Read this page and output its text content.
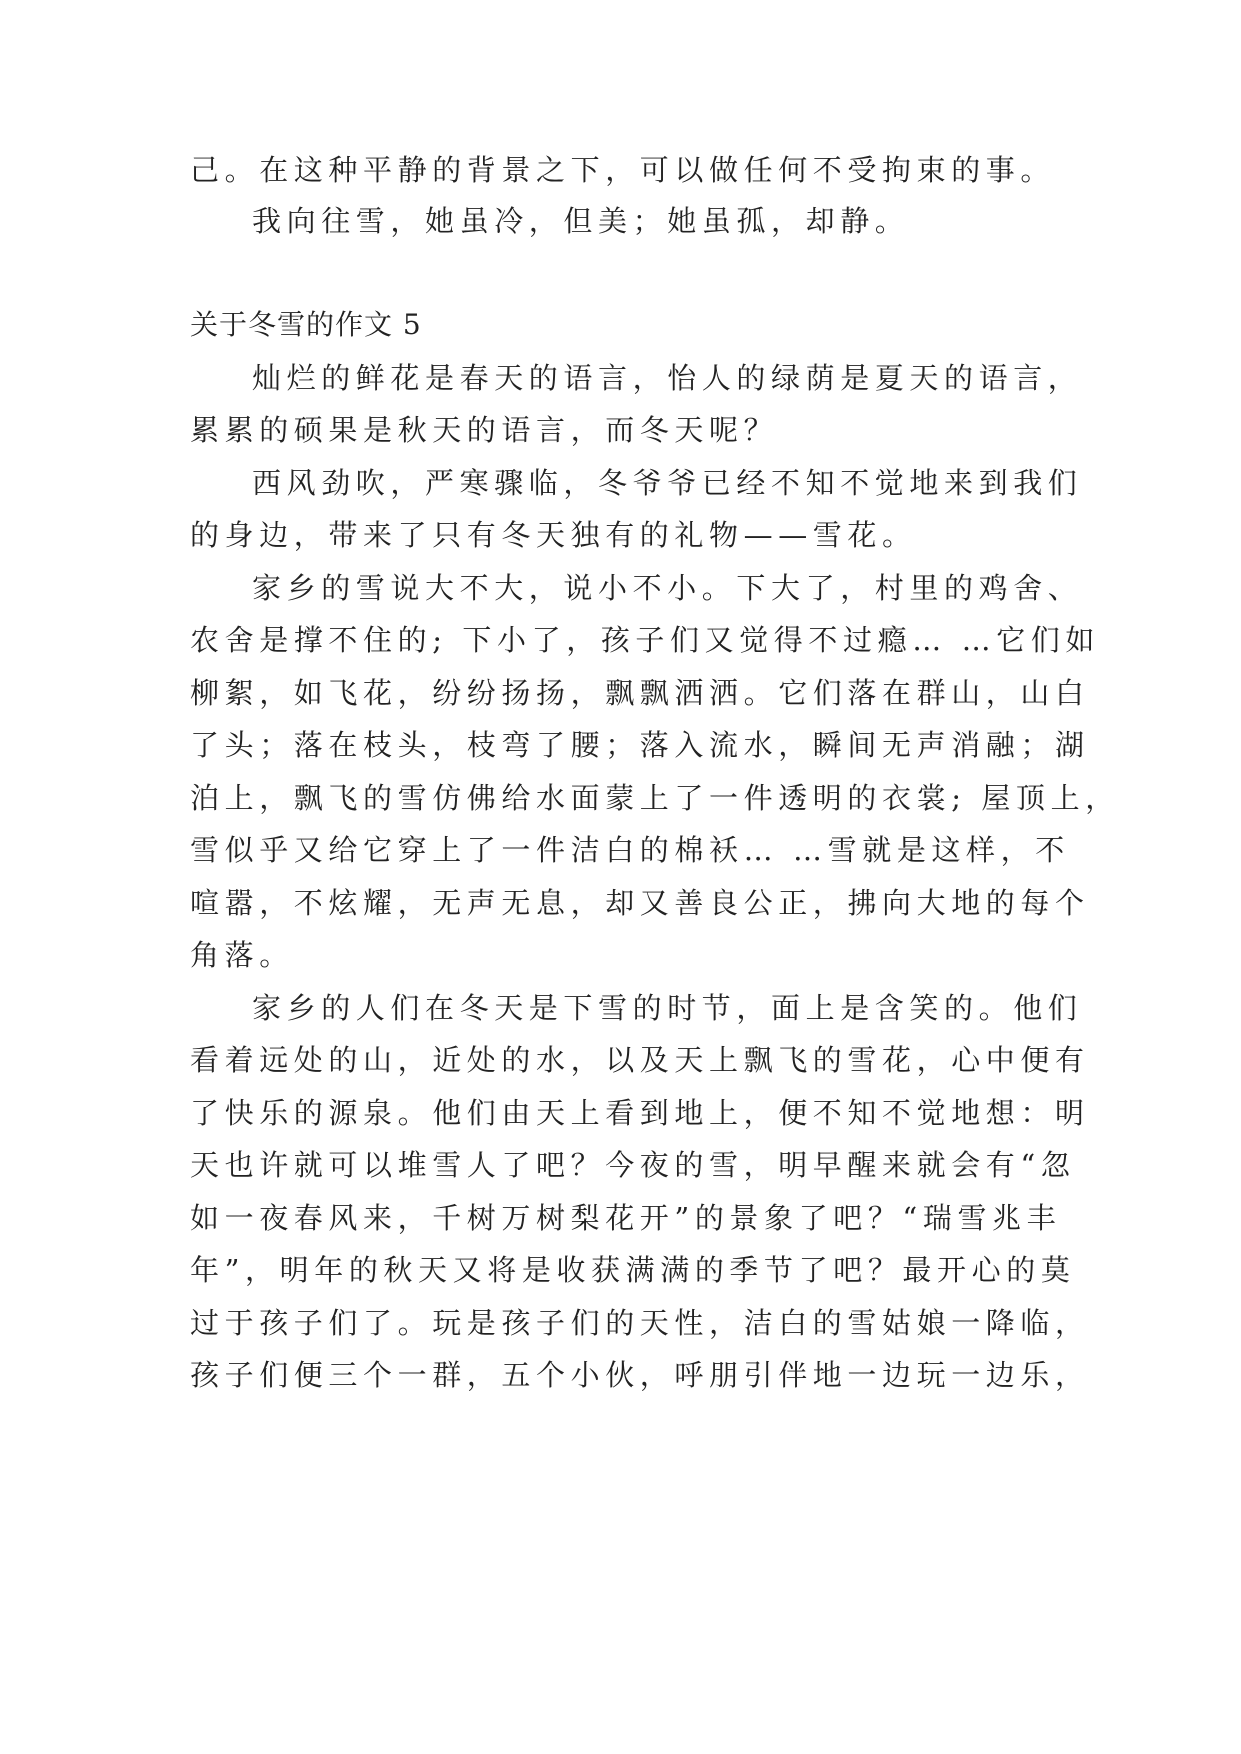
己。在这种平静的背景之下，可以做任何不受拘束的事。
我向往雪，她虽冷，但美；她虽孤，却静。
关于冬雪的作文 5
灿烂的鲜花是春天的语言，怡人的绿荫是夏天的语言，
累累的硕果是秋天的语言，而冬天呢？
西风劲吹，严寒骤临，冬爷爷已经不知不觉地来到我们
的身边，带来了只有冬天独有的礼物——雪花。
家乡的雪说大不大，说小不小。下大了，村里的鸡舍、
农舍是撑不住的; 下小了，孩子们又觉得不过瘾… …它们如
柳絮，如飞花，纷纷扬扬，飘飘洒洒。它们落在群山，山白
了头；落在枝头，枝弯了腰；落入流水，瞬间无声消融；湖
泊上，飘飞的雪仿佛给水面蒙上了一件透明的衣裳; 屋顶上，
雪似乎又给它穿上了一件洁白的棉袄… …雪就是这样，不
喧嚣，不炫耀，无声无息，却又善良公正，拂向大地的每个
角落。
家乡的人们在冬天是下雪的时节，面上是含笑的。他们
看着远处的山，近处的水，以及天上飘飞的雪花，心中便有
了快乐的源泉。他们由天上看到地上，便不知不觉地想：明
天也许就可以堆雪人了吧？今夜的雪，明早醒来就会有“忽
如一夜春风来，千树万树梨花开”的景象了吧？“瑞雪兆丰
年”，明年的秋天又将是收获满满的季节了吧？最开心的莫
过于孩子们了。玩是孩子们的天性，洁白的雪姑娘一降临，
孩子们便三个一群，五个小伙，呼朋引伴地一边玩一边乐，
